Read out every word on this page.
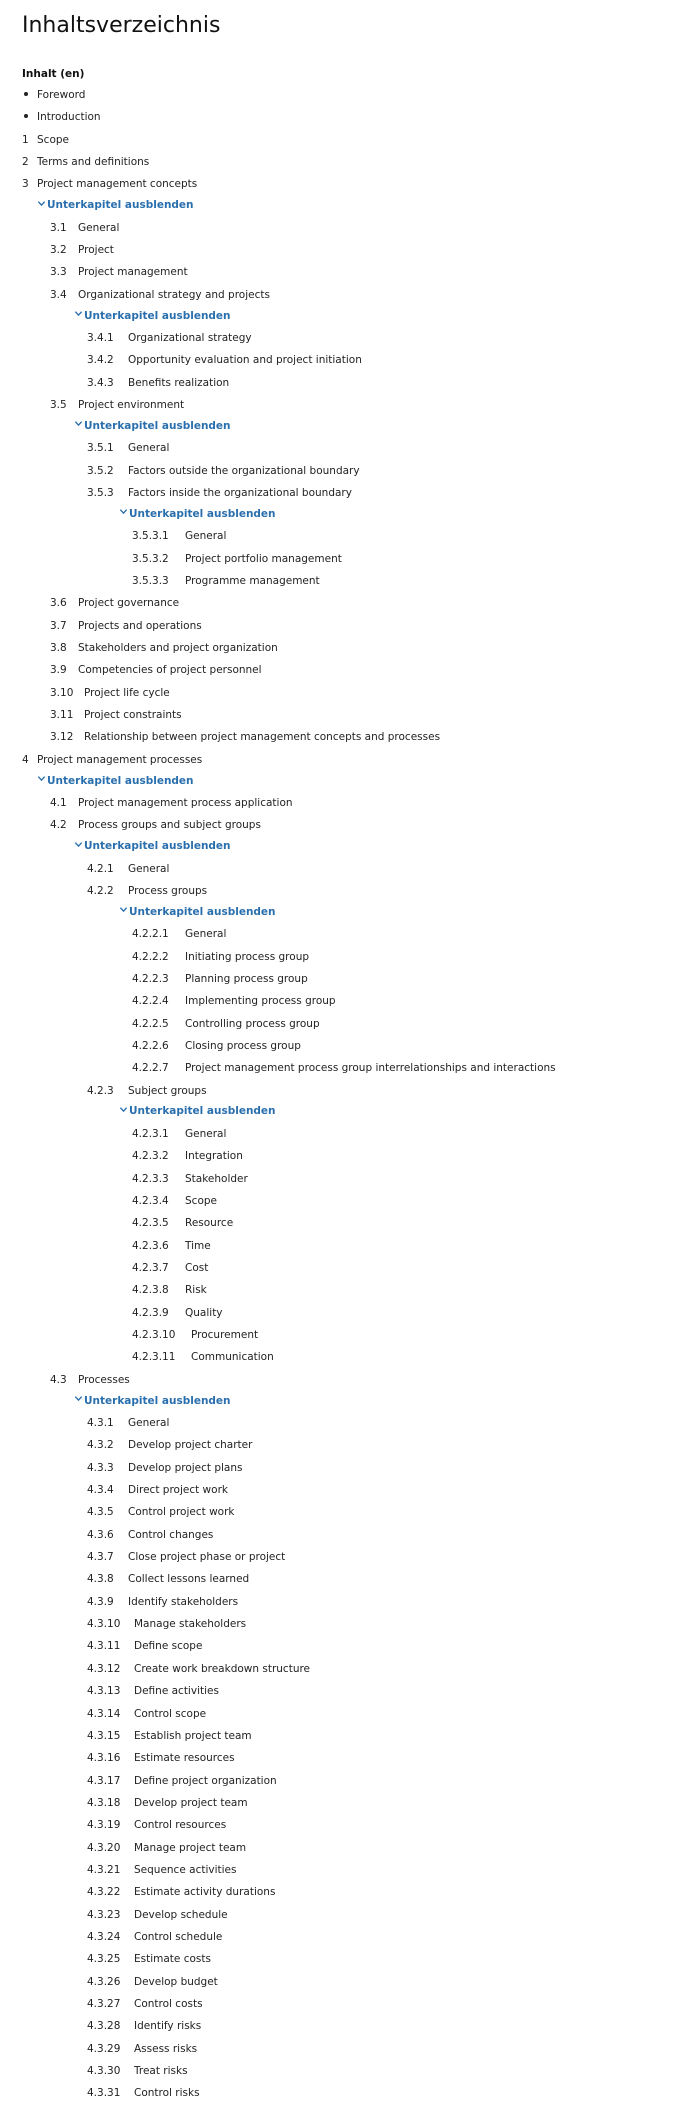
Inhaltsverzeichnis
Inhalt (en)
Foreword
Introduction
1 Scope
2 Terms and definitions
3 Project management concepts
Unterkapitel ausblenden
3.1 General
3.2 Project
3.3 Project management
3.4 Organizational strategy and projects
Unterkapitel ausblenden
3.4.1 Organizational strategy
3.4.2 Opportunity evaluation and project initiation
3.4.3 Benefits realization
3.5 Project environment
Unterkapitel ausblenden
3.5.1 General
3.5.2 Factors outside the organizational boundary
3.5.3 Factors inside the organizational boundary
Unterkapitel ausblenden
3.5.3.1 General
3.5.3.2 Project portfolio management
3.5.3.3 Programme management
3.6 Project governance
3.7 Projects and operations
3.8 Stakeholders and project organization
3.9 Competencies of project personnel
3.10 Project life cycle
3.11 Project constraints
3.12 Relationship between project management concepts and processes
4 Project management processes
Unterkapitel ausblenden
4.1 Project management process application
4.2 Process groups and subject groups
Unterkapitel ausblenden
4.2.1 General
4.2.2 Process groups
Unterkapitel ausblenden
4.2.2.1 General
4.2.2.2 Initiating process group
4.2.2.3 Planning process group
4.2.2.4 Implementing process group
4.2.2.5 Controlling process group
4.2.2.6 Closing process group
4.2.2.7 Project management process group interrelationships and interactions
4.2.3 Subject groups
Unterkapitel ausblenden
4.2.3.1 General
4.2.3.2 Integration
4.2.3.3 Stakeholder
4.2.3.4 Scope
4.2.3.5 Resource
4.2.3.6 Time
4.2.3.7 Cost
4.2.3.8 Risk
4.2.3.9 Quality
4.2.3.10 Procurement
4.2.3.11 Communication
4.3 Processes
Unterkapitel ausblenden
4.3.1 General
4.3.2 Develop project charter
4.3.3 Develop project plans
4.3.4 Direct project work
4.3.5 Control project work
4.3.6 Control changes
4.3.7 Close project phase or project
4.3.8 Collect lessons learned
4.3.9 Identify stakeholders
4.3.10 Manage stakeholders
4.3.11 Define scope
4.3.12 Create work breakdown structure
4.3.13 Define activities
4.3.14 Control scope
4.3.15 Establish project team
4.3.16 Estimate resources
4.3.17 Define project organization
4.3.18 Develop project team
4.3.19 Control resources
4.3.20 Manage project team
4.3.21 Sequence activities
4.3.22 Estimate activity durations
4.3.23 Develop schedule
4.3.24 Control schedule
4.3.25 Estimate costs
4.3.26 Develop budget
4.3.27 Control costs
4.3.28 Identify risks
4.3.29 Assess risks
4.3.30 Treat risks
4.3.31 Control risks
